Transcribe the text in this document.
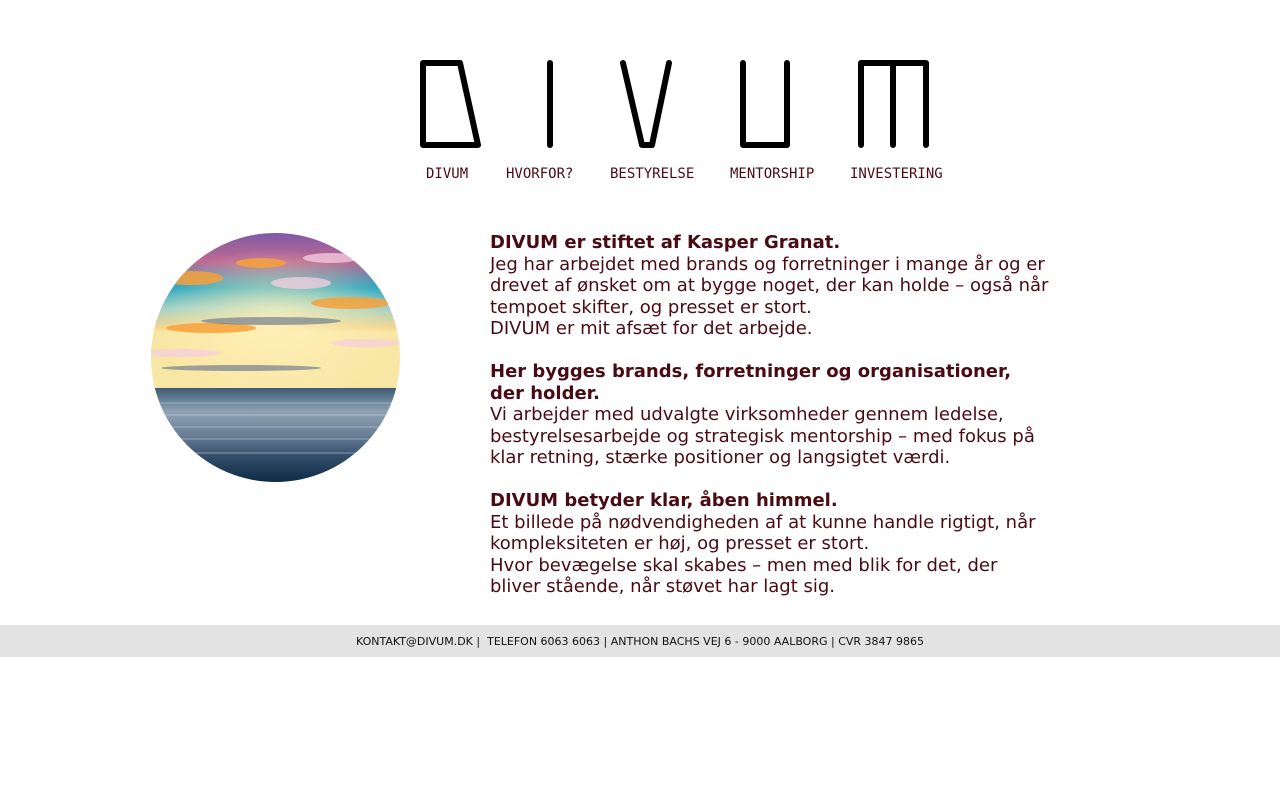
DIVUM	HVORFOR?	BESTYRELSE	MENTORSHIP	INVESTERING

DIVUM er stiftet af Kasper Granat.
Jeg har arbejdet med brands og forretninger i mange år og er drevet af ønsket om at bygge noget, der kan holde – også når tempoet skifter, og presset er stort.
DIVUM er mit afsæt for det arbejde.

Her bygges brands, forretninger og organisationer, der holder.
Vi arbejder med udvalgte virksomheder gennem ledelse, bestyrelsesarbejde og strategisk mentorship – med fokus på klar retning, stærke positioner og langsigtet værdi.

DIVUM betyder klar, åben himmel.
Et billede på nødvendigheden af at kunne handle rigtigt, når kompleksiteten er høj, og presset er stort.
Hvor bevægelse skal skabes – men med blik for det, der bliver stående, når støvet har lagt sig.

KONTAKT@DIVUM.DK | TELEFON 6063 6063 | ANTHON BACHS VEJ 6 - 9000 AALBORG | CVR 3847 9865
